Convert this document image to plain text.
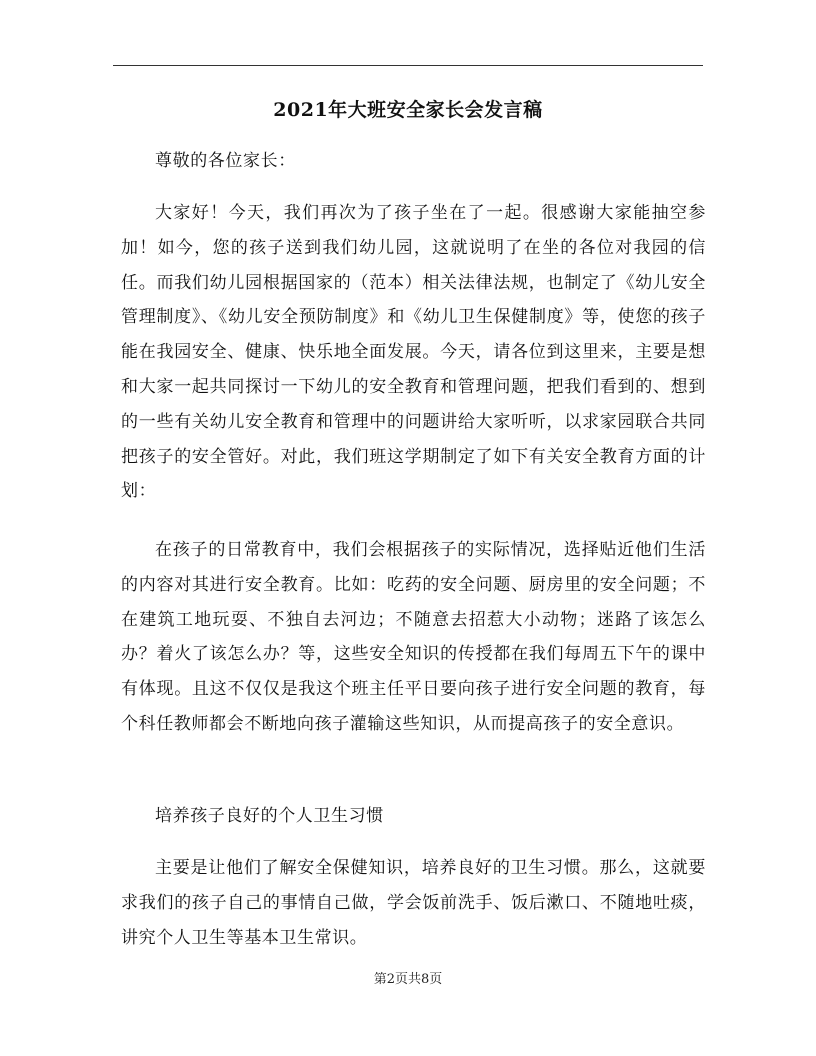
2021年大班安全家长会发言稿

尊敬的各位家长：

大家好！今天，我们再次为了孩子坐在了一起。很感谢大家能抽空参加！如今，您的孩子送到我们幼儿园，这就说明了在坐的各位对我园的信任。而我们幼儿园根据国家的（范本）相关法律法规，也制定了《幼儿安全管理制度》、《幼儿安全预防制度》和《幼儿卫生保健制度》等，使您的孩子能在我园安全、健康、快乐地全面发展。今天，请各位到这里来，主要是想和大家一起共同探讨一下幼儿的安全教育和管理问题，把我们看到的、想到的一些有关幼儿安全教育和管理中的问题讲给大家听听，以求家园联合共同把孩子的安全管好。对此，我们班这学期制定了如下有关安全教育方面的计划：

在孩子的日常教育中，我们会根据孩子的实际情况，选择贴近他们生活的内容对其进行安全教育。比如：吃药的安全问题、厨房里的安全问题；不在建筑工地玩耍、不独自去河边；不随意去招惹大小动物；迷路了该怎么办？着火了该怎么办？等，这些安全知识的传授都在我们每周五下午的课中有体现。且这不仅仅是我这个班主任平日要向孩子进行安全问题的教育，每个科任教师都会不断地向孩子灌输这些知识，从而提高孩子的安全意识。

培养孩子良好的个人卫生习惯

主要是让他们了解安全保健知识，培养良好的卫生习惯。那么，这就要求我们的孩子自己的事情自己做，学会饭前洗手、饭后漱口、不随地吐痰，讲究个人卫生等基本卫生常识。

第2页共8页
